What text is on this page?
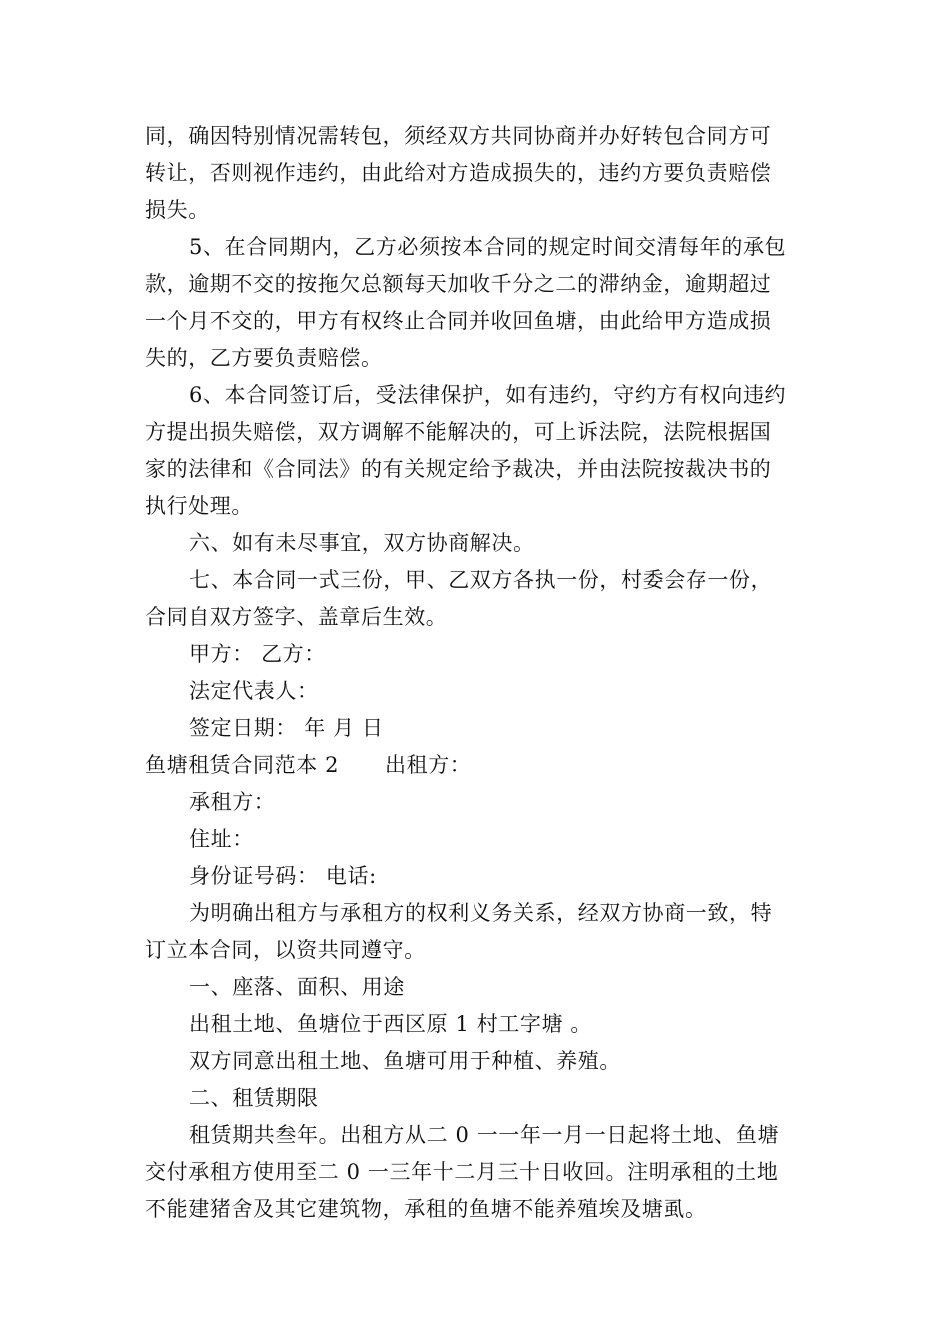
同，确因特别情况需转包，须经双方共同协商并办好转包合同方可
转让，否则视作违约，由此给对方造成损失的，违约方要负责赔偿
损失。
5、在合同期内，乙方必须按本合同的规定时间交清每年的承包
款，逾期不交的按拖欠总额每天加收千分之二的滞纳金，逾期超过
一个月不交的，甲方有权终止合同并收回鱼塘，由此给甲方造成损
失的，乙方要负责赔偿。
6、本合同签订后，受法律保护，如有违约，守约方有权向违约
方提出损失赔偿，双方调解不能解决的，可上诉法院，法院根据国
家的法律和《合同法》的有关规定给予裁决，并由法院按裁决书的
执行处理。
六、如有未尽事宜，双方协商解决。
七、本合同一式三份，甲、乙双方各执一份，村委会存一份，
合同自双方签字、盖章后生效。
甲方： 乙方：
法定代表人：
签定日期： 年 月 日
鱼塘租赁合同范本 2 出租方：
承租方：
住址：
身份证号码： 电话:
为明确出租方与承租方的权利义务关系，经双方协商一致，特
订立本合同，以资共同遵守。
一、座落、面积、用途
出租土地、鱼塘位于西区原 1 村工字塘 。
双方同意出租土地、鱼塘可用于种植、养殖。
二、租赁期限
租赁期共叁年。出租方从二 0 一一年一月一日起将土地、鱼塘
交付承租方使用至二 0 一三年十二月三十日收回。注明承租的土地
不能建猪舍及其它建筑物，承租的鱼塘不能养殖埃及塘虱。
